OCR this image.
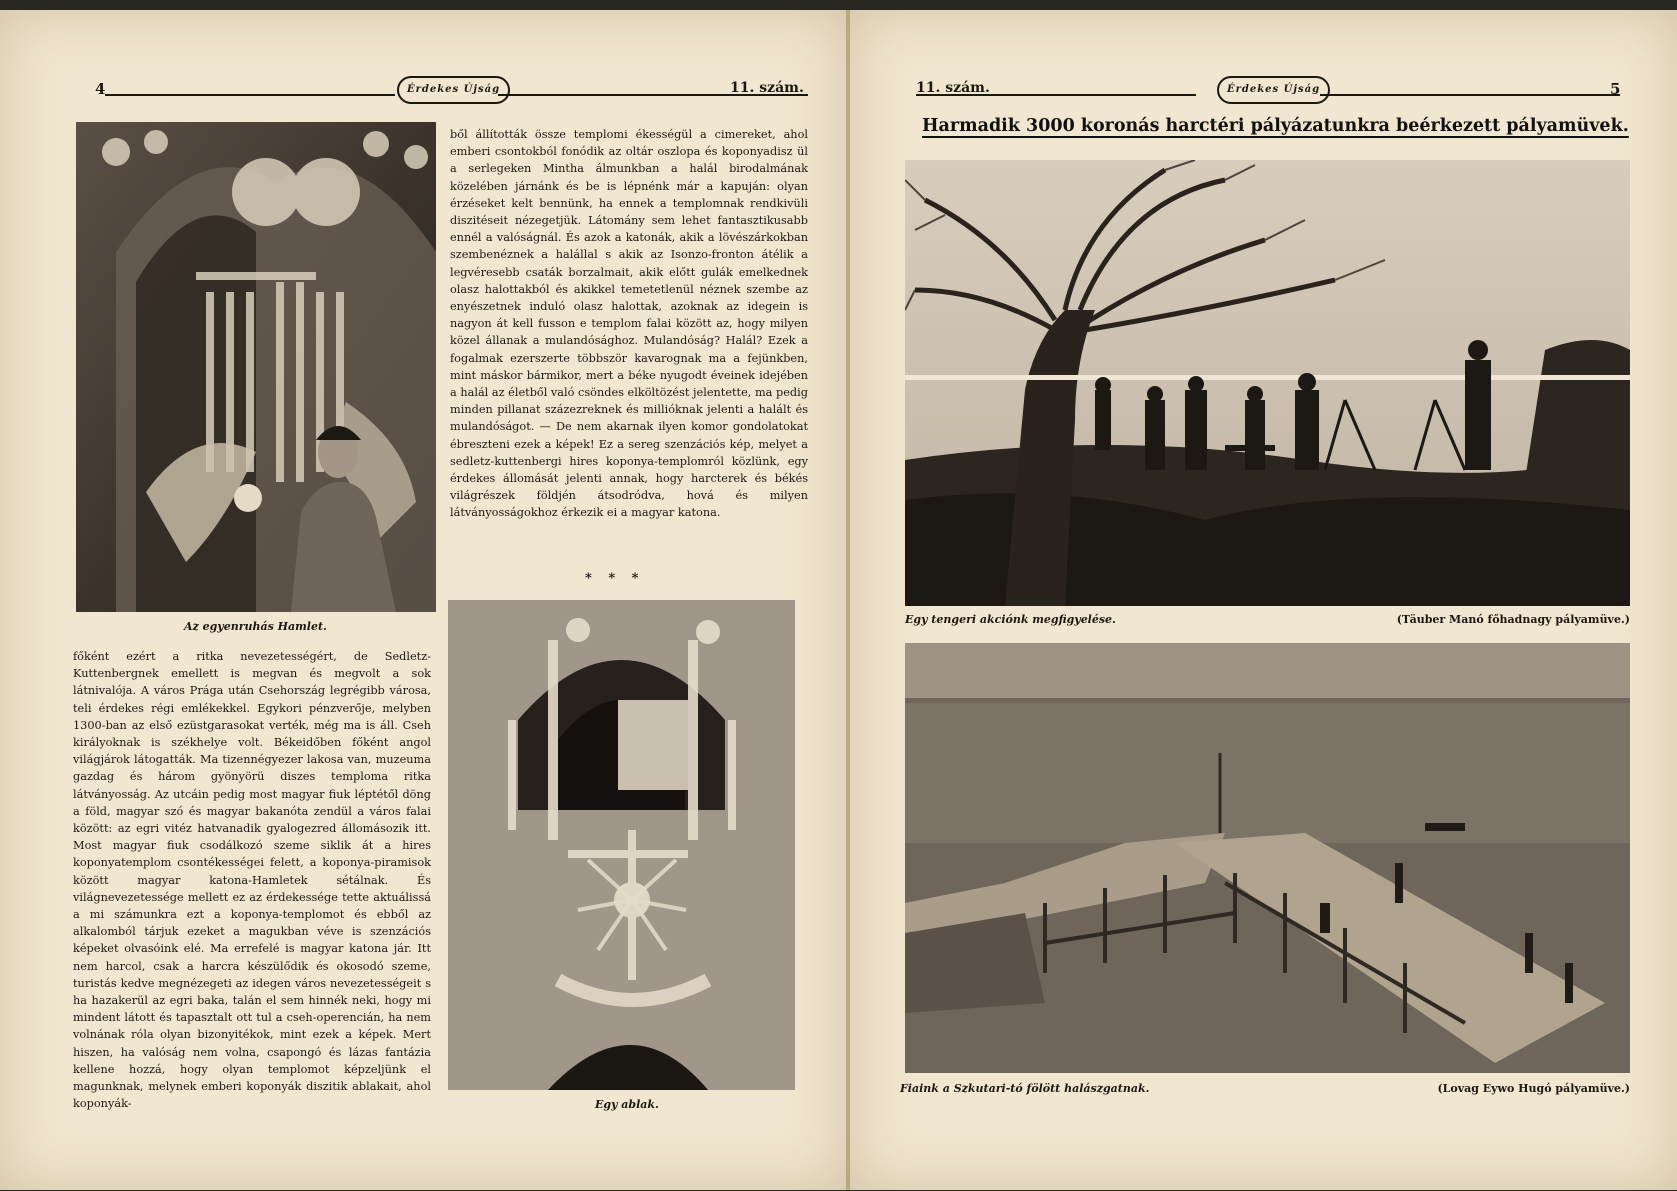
4	Érdekes Újság	11. szám.
Az egyenruhás Hamlet.

ből állították össze templomi ékességül a cimereket, ahol emberi csontokból fonódik az oltár oszlopa és koponyadisz ül a serlegeken Mintha álmunkban a halál birodalmának közelében járnánk és be is lépnénk már a kapuján: olyan érzéseket kelt bennünk, ha ennek a templomnak rendkivüli diszitéseit nézegetjük. Látomány sem lehet fantasztikusabb ennél a valóságnál. És azok a katonák, akik a lövészárkokban szembenéznek a halállal s akik az Isonzo-fronton átélik a legvéresebb csaták borzalmait, akik előtt gulák emelkednek olasz halottakból és akikkel temetetlenül néznek szembe az enyészetnek induló olasz halottak, azoknak az idegein is nagyon át kell fusson e templom falai között az, hogy milyen közel állanak a mulandósághoz. Mulandóság? Halál? Ezek a fogalmak ezerszerte többször kavarognak ma a fejünkben, mint máskor bármikor, mert a béke nyugodt éveinek idejében a halál az életből való csöndes elköltözést jelentette, ma pedig minden pillanat százezreknek és millióknak jelenti a halált és mulandóságot. — De nem akarnak ilyen komor gondolatokat ébreszteni ezek a képek! Ez a sereg szenzációs kép, melyet a sedletz-kuttenbergi hires koponya-templomról közlünk, egy érdekes állomását jelenti annak, hogy harcterek és békés világrészek földjén átsodródva, hová és milyen látványosságokhoz érkezik ei a magyar katona.

* * *
Egy ablak.

főként ezért a ritka nevezetességért, de Sedletz-Kuttenbergnek emellett is megvan és megvolt a sok látnivalója. A város Prága után Csehország legrégibb városa, teli érdekes régi emlékekkel. Egykori pénzverője, melyben 1300-ban az első ezüstgarasokat verték, még ma is áll. Cseh királyoknak is székhelye volt. Békeidőben főként angol világjárok látogatták. Ma tizennégyezer lakosa van, muzeuma gazdag és három gyönyörü diszes temploma ritka látványosság. Az utcáin pedig most magyar fiuk léptétől döng a föld, magyar szó és magyar bakanóta zendül a város falai között: az egri vitéz hatvanadik gyalogezred állomásozik itt. Most magyar fiuk csodálkozó szeme siklik át a hires koponyatemplom csontékességei felett, a koponya-piramisok között magyar katona-Hamletek sétálnak. És világnevezetessége mellett ez az érdekessége tette aktuálissá a mi számunkra ezt a koponya-templomot és ebből az alkalomból tárjuk ezeket a magukban véve is szenzációs képeket olvasóink elé. Ma errefelé is magyar katona jár. Itt nem harcol, csak a harcra készülődik és okosodó szeme, turistás kedve megnézegeti az idegen város nevezetességeit s ha hazakerül az egri baka, talán el sem hinnék neki, hogy mi mindent látott és tapasztalt ott tul a cseh-operencián, ha nem volnának róla olyan bizonyitékok, mint ezek a képek. Mert hiszen, ha valóság nem volna, csapongó és lázas fantázia kellene hozzá, hogy olyan templomot képzeljünk el magunknak, melynek emberi koponyák diszitik ablakait, ahol koponyák-

11. szám.	Érdekes Újság	5
Harmadik 3000 koronás harctéri pályázatunkra beérkezett pályamüvek.
Egy tengeri akciónk megfigyelése.	(Täuber Manó főhadnagy pályamüve.)
Fiaink a Szkutari-tó fölött halászgatnak.	(Lovag Eywo Hugó pályamüve.)
